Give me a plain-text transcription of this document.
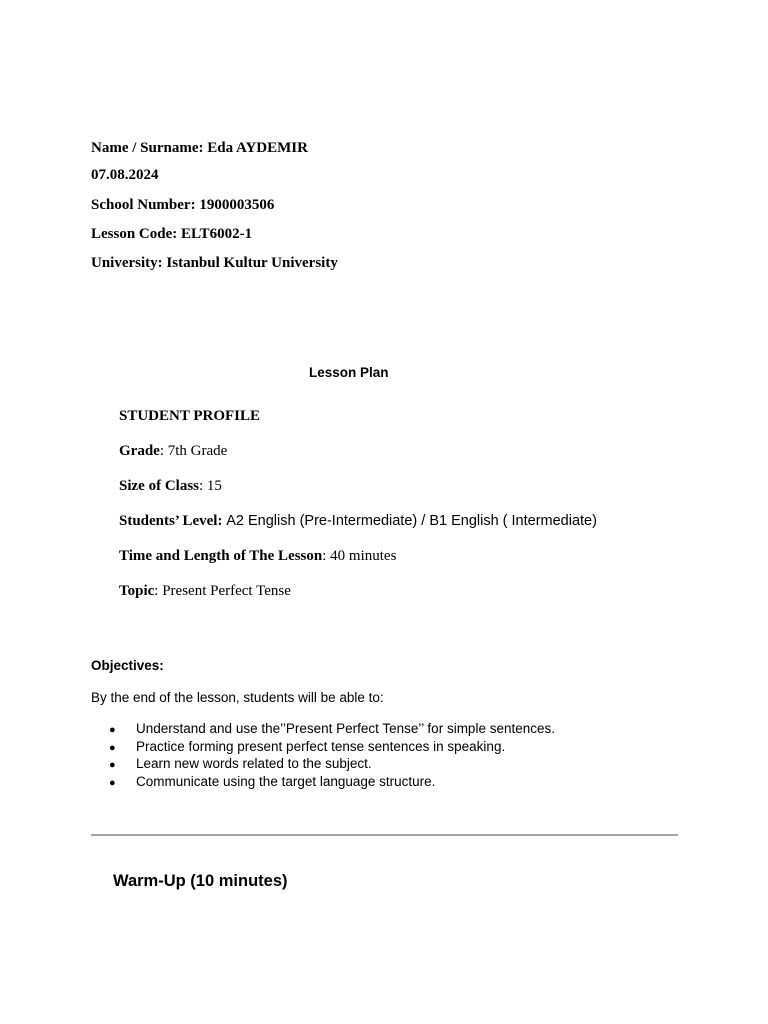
Name / Surname: Eda AYDEMIR
07.08.2024
School Number: 1900003506
Lesson Code: ELT6002-1
University: Istanbul Kultur University
Lesson Plan
STUDENT PROFILE
Grade: 7th Grade
Size of Class: 15
Students’ Level: A2 English (Pre-Intermediate) / B1 English ( Intermediate)
Time and Length of The Lesson: 40 minutes
Topic: Present Perfect Tense
Objectives:
By the end of the lesson, students will be able to:
● Understand and use the’’Present Perfect Tense’’ for simple sentences.
● Practice forming present perfect tense sentences in speaking.
● Learn new words related to the subject.
● Communicate using the target language structure.
Warm-Up (10 minutes)
